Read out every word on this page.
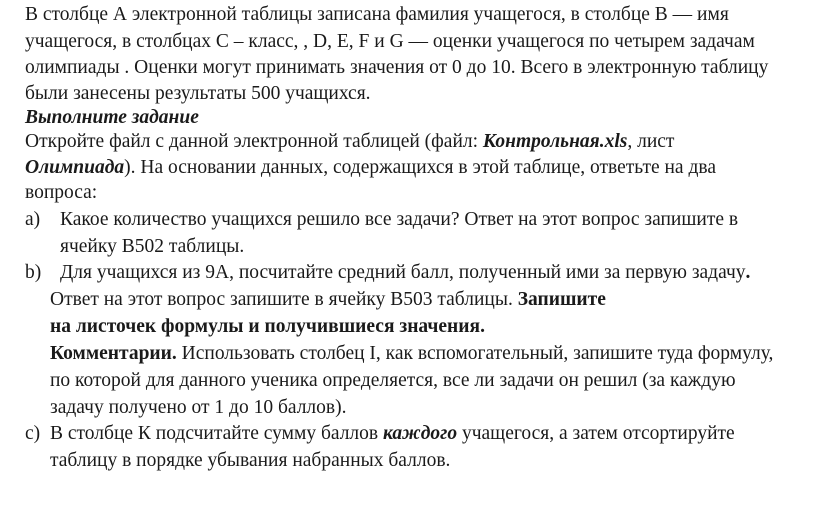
В столбце А электронной таблицы записана фамилия учащегося, в столбце В — имя
учащегося, в столбцах С – класс, , D, E, F и G — оценки учащегося по четырем задачам
олимпиады . Оценки могут принимать значения от 0 до 10. Всего в электронную таблицу
были занесены результаты 500 учащихся.
Выполните задание
Откройте файл с данной электронной таблицей (файл: Контрольная.xls, лист
Олимпиада). На основании данных, содержащихся в этой таблице, ответьте на два
вопроса:
a) Какое количество учащихся решило все задачи? Ответ на этот вопрос запишите в
ячейку В502 таблицы.
b) Для учащихся из 9А, посчитайте средний балл, полученный ими за первую задачу.
Ответ на этот вопрос запишите в ячейку В503 таблицы. Запишите
на листочек формулы и получившиеся значения.
Комментарии. Использовать столбец I, как вспомогательный, запишите туда формулу,
по которой для данного ученика определяется, все ли задачи он решил (за каждую
задачу получено от 1 до 10 баллов).
c) В столбце К подсчитайте сумму баллов каждого учащегося, а затем отсортируйте
таблицу в порядке убывания набранных баллов.
